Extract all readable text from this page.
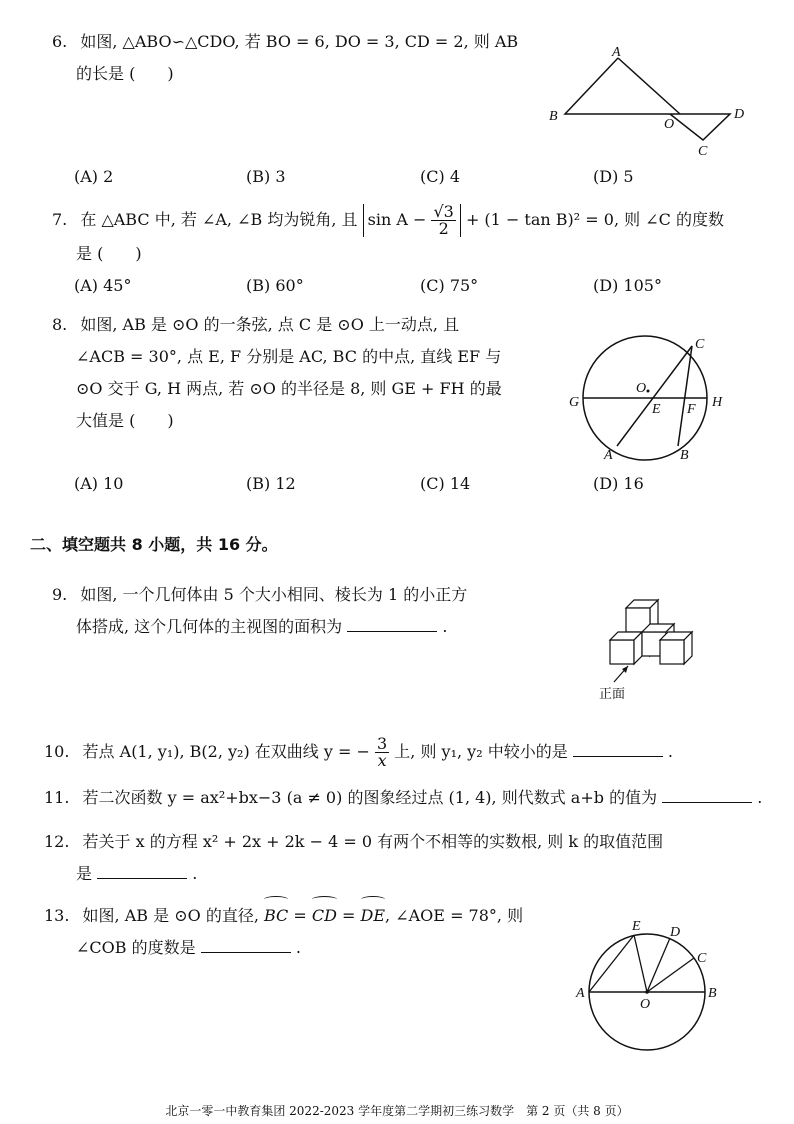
6. 如图, △ABO∽△CDO, 若 BO = 6, DO = 3, CD = 2, 则 AB
的长是 (　　)
A
B
O
D
C
(A) 2	(B) 3	(C) 4	(D) 5
7. 在 △ABC 中, 若 ∠A, ∠B 均为锐角, 且 $\sin A - \frac{√3}{2} + (1 - \tan B)^2 = 0$, 则 ∠C 的度数
是 (　　)
(A) 45°	(B) 60°	(C) 75°	(D) 105°
8. 如图, AB 是 ⊙O 的一条弦, 点 C 是 ⊙O 上一动点, 且
∠ACB = 30°, 点 E, F 分别是 AC, BC 的中点, 直线 EF 与
⊙O 交于 G, H 两点, 若 ⊙O 的半径是 8, 则 GE + FH 的最
大值是 (　　)
C
O
G	E F H
A	B
(A) 10	(B) 12	(C) 14	(D) 16
二、填空题共 8 小题，共 16 分。
9. 如图, 一个几何体由 5 个大小相同、棱长为 1 的小正方
体搭成, 这个几何体的主视图的面积为	.
正面
10. 若点 A(1, y₁), B(2, y₂) 在双曲线 y = − $\frac{3}{x}$ 上, 则 y₁, y₂ 中较小的是	.
11. 若二次函数 y = ax²+bx−3 (a ≠ 0) 的图象经过点 (1, 4), 则代数式 a+b 的值为	.
12. 若关于 x 的方程 x² + 2x + 2k − 4 = 0 有两个不相等的实数根, 则 k 的取值范围
是	.
13. 如图, AB 是 ⊙O 的直径, BC = CD = DE, ∠AOE = 78°, 则
∠COB 的度数是	.
E D
C
A
O
B
北京一零一中教育集团 2022-2023 学年度第二学期初三练习数学　第 2 页（共 8 页）
